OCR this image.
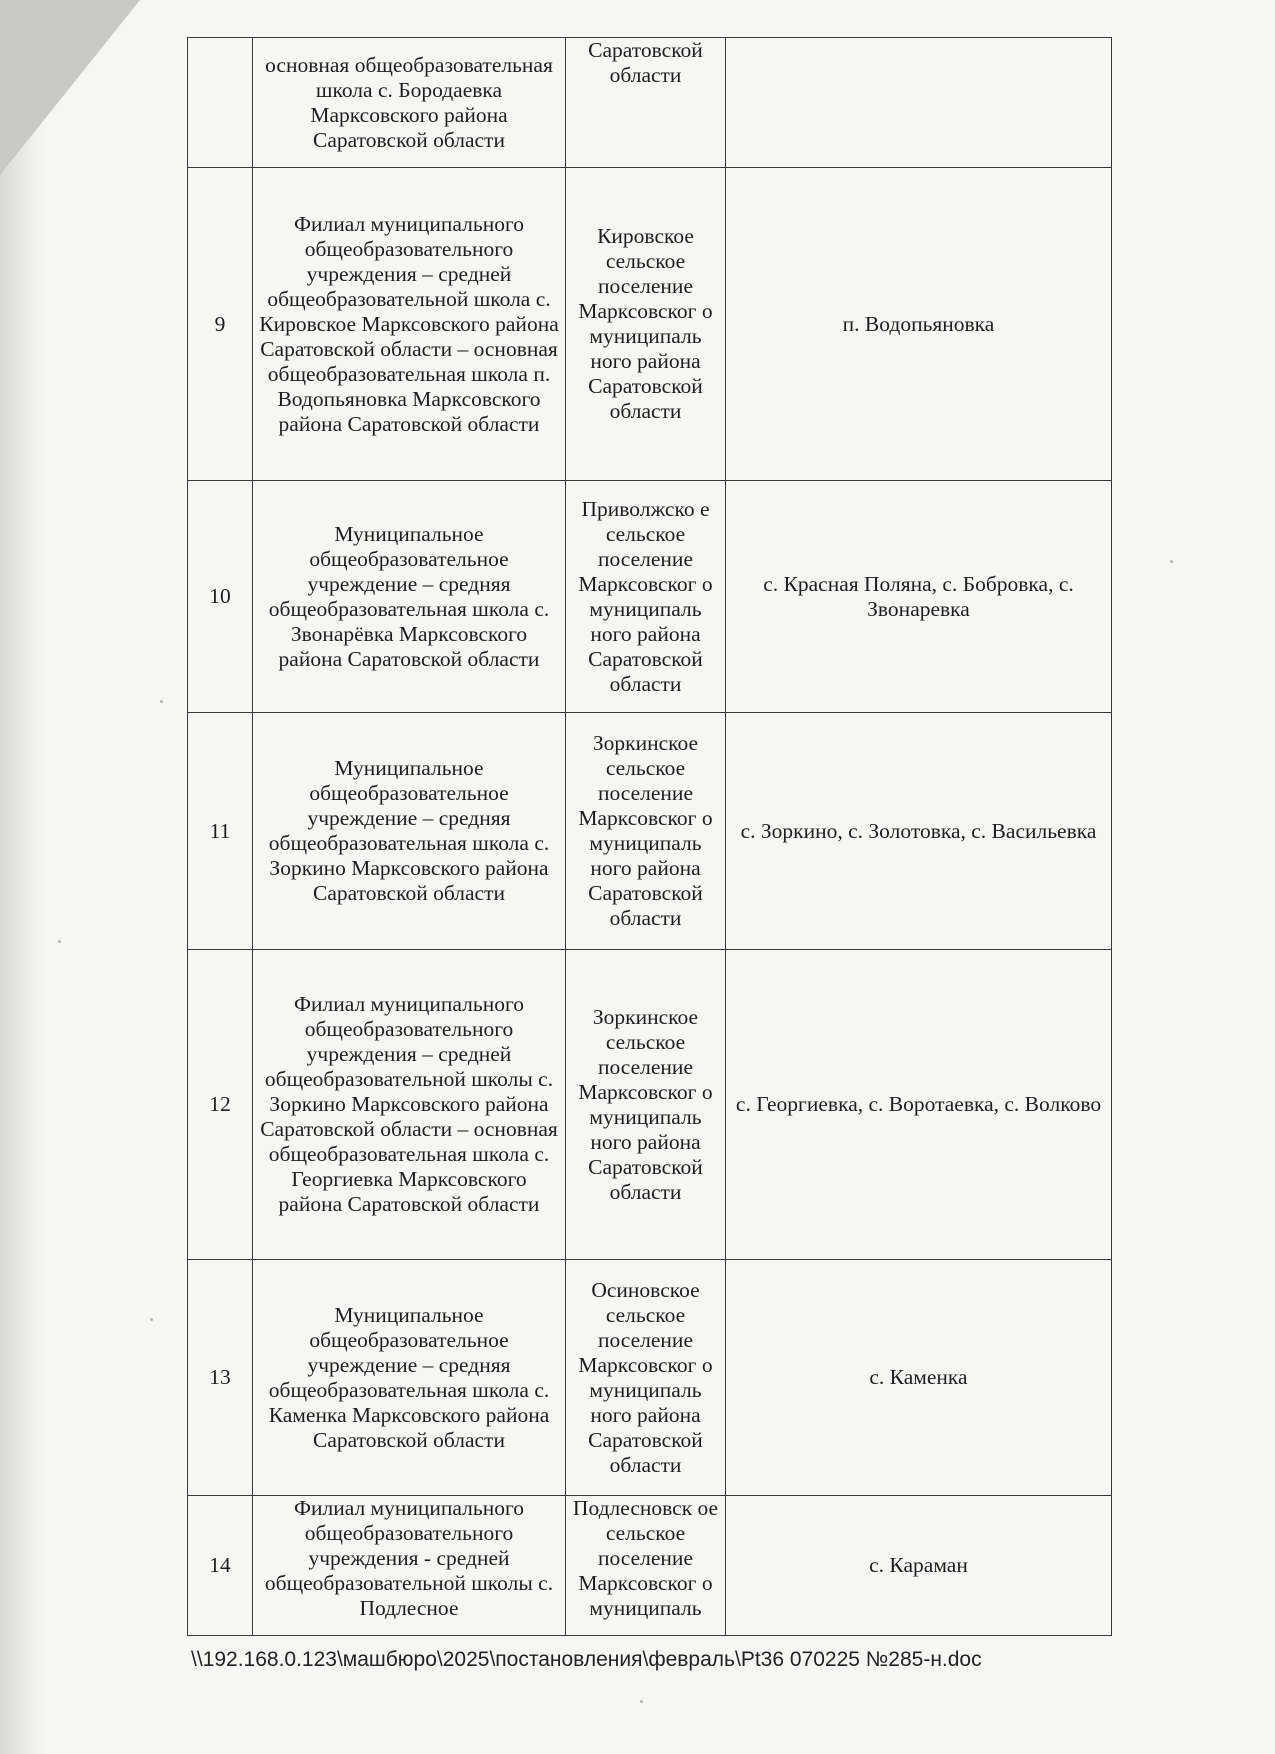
	основная общеобразовательная школа с. Бородаевка Марксовского района Саратовской области	Саратовской области	
9	Филиал муниципального общеобразовательного учреждения – средней общеобразовательной школа с. Кировское Марксовского района Саратовской области – основная общеобразовательная школа п. Водопьяновка Марксовского района Саратовской области	Кировское сельское поселение Марксовског о муниципаль ного района Саратовской области	п. Водопьяновка
10	Муниципальное общеобразовательное учреждение – средняя общеобразовательная школа с. Звонарёвка Марксовского района Саратовской области	Приволжско е сельское поселение Марксовског о муниципаль ного района Саратовской области	с. Красная Поляна, с. Бобровка, с. Звонаревка
11	Муниципальное общеобразовательное учреждение – средняя общеобразовательная школа с. Зоркино Марксовского района Саратовской области	Зоркинское сельское поселение Марксовског о муниципаль ного района Саратовской области	с. Зоркино, с. Золотовка, с. Васильевка
12	Филиал муниципального общеобразовательного учреждения – средней общеобразовательной школы с. Зоркино Марксовского района Саратовской области – основная общеобразовательная школа с. Георгиевка Марксовского района Саратовской области	Зоркинское сельское поселение Марксовског о муниципаль ного района Саратовской области	с. Георгиевка, с. Воротаевка, с. Волково
13	Муниципальное общеобразовательное учреждение – средняя общеобразовательная школа с. Каменка Марксовского района Саратовской области	Осиновское сельское поселение Марксовског о муниципаль ного района Саратовской области	с. Каменка
14	Филиал муниципального общеобразовательного учреждения - средней общеобразовательной школы с. Подлесное	Подлесновск ое сельское поселение Марксовског о муниципаль	с. Караман
\\192.168.0.123\машбюро\2025\постановления\февраль\Pt36 070225 №285-н.doc
